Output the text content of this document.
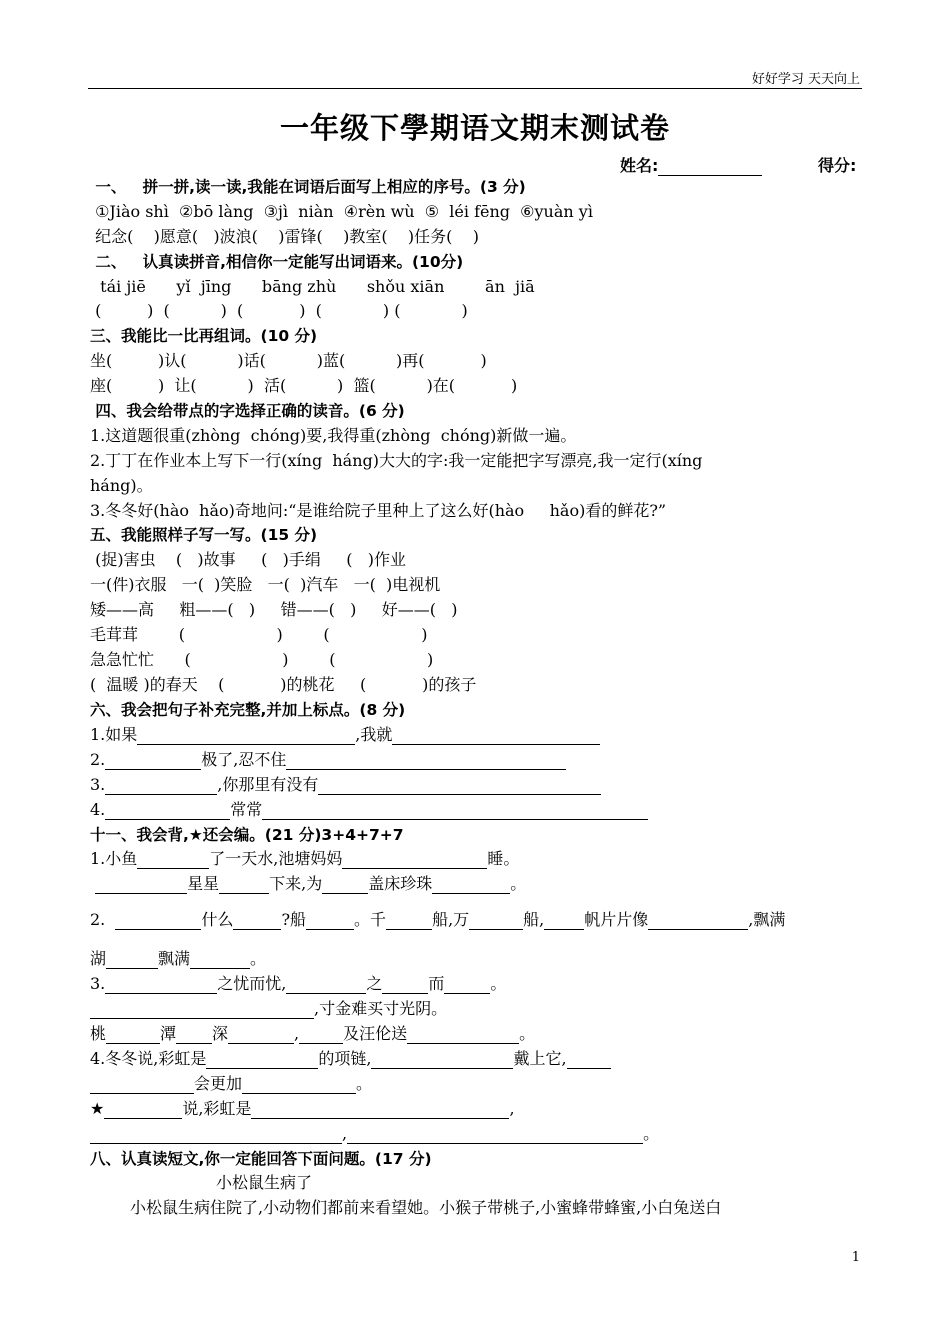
好好学习 天天向上
一年级下學期语文期末测试卷
姓名:	得分:
一、   拼一拼,读一读,我能在词语后面写上相应的序号。(3 分)
①Jiào shì  ②bō làng  ③jì  niàn  ④rèn wù  ⑤  léi fēng  ⑥yuàn yì
纪念(    )愿意(   )波浪(    )雷锋(    )教室(    )任务(    )
二、   认真读拼音,相信你一定能写出词语来。(10分)
tái jiē      yǐ  jīng      bāng zhù      shǒu xiān        ān  jiā
(         )  (          )  (           )  (            ) (            )
三、我能比一比再组词。(10 分)
坐(         )认(          )话(          )蓝(          )再(           )
座(         )  让(          )  活(          )  篮(          )在(           )
四、我会给带点的字选择正确的读音。(6 分)
1.这道题很重(zhòng  chóng)要,我得重(zhòng  chóng)新做一遍。
2.丁丁在作业本上写下一行(xíng  háng)大大的字:我一定能把字写漂亮,我一定行(xíng
háng)。
3.冬冬好(hào  hǎo)奇地问:“是谁给院子里种上了这么好(hào     hǎo)看的鲜花?”
五、我能照样子写一写。(15 分)
(捉)害虫    (   )故事     (   )手绢     (   )作业
一(件)衣服   一(  )笑脸   一(  )汽车   一(  )电视机
矮——高     粗——(   )     错——(   )     好——(   )
毛茸茸        (                  )        (                  )
急急忙忙      (                  )        (                  )
(  温暖 )的春天    (           )的桃花     (           )的孩子
六、我会把句子补充完整,并加上标点。(8 分)
1.如果	,我就
2.	极了,忍不住
3.	,你那里有没有
4.	常常
十一、我会背,★还会编。(21 分)3+4+7+7
1.小鱼	了一天水,池塘妈妈	睡。
星星	下来,为	盖床珍珠	。
2.	什么	?船	。千	船,万	船,	帆片片像	,飘满
湖	飘满	。
3.	之忧而忧,	之	而	。
,寸金难买寸光阴。
桃	潭 深	,	及汪伦送	。
4.冬冬说,彩虹是	的项链,	戴上它,
会更加	。
★	说,彩虹是	,
,	。
八、认真读短文,你一定能回答下面问题。(17 分)
小松鼠生病了
小松鼠生病住院了,小动物们都前来看望她。小猴子带桃子,小蜜蜂带蜂蜜,小白兔送白
1
